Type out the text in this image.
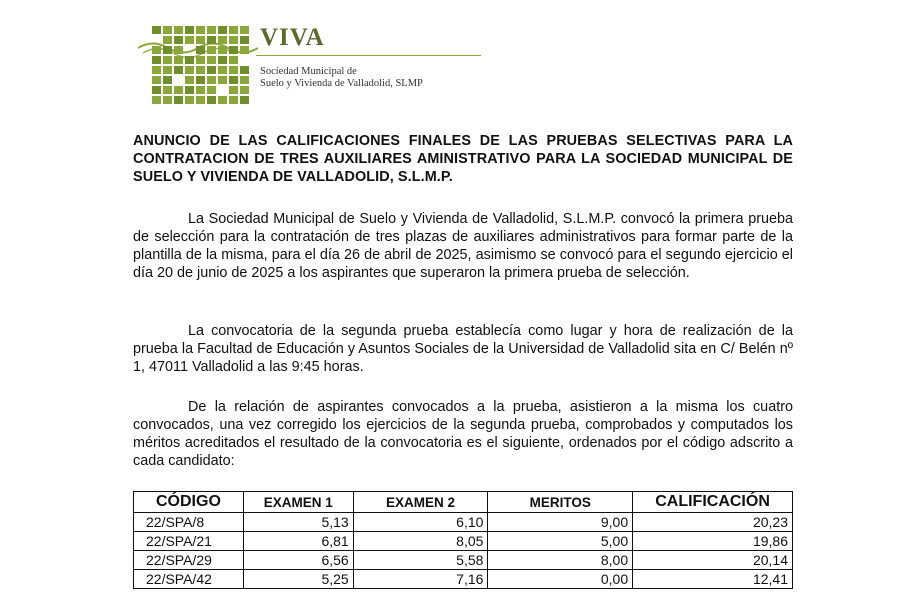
VIVA
Sociedad Municipal de
Suelo y Vivienda de Valladolid, SLMP
ANUNCIO DE LAS CALIFICACIONES FINALES DE LAS PRUEBAS SELECTIVAS PARA LA CONTRATACION DE TRES AUXILIARES AMINISTRATIVO PARA LA SOCIEDAD MUNICIPAL DE SUELO Y VIVIENDA DE VALLADOLID, S.L.M.P.

La Sociedad Municipal de Suelo y Vivienda de Valladolid, S.L.M.P. convocó la primera prueba de selección para la contratación de tres plazas de auxiliares administrativos para formar parte de la plantilla de la misma, para el día 26 de abril de 2025, asimismo se convocó para el segundo ejercicio el día 20 de junio de 2025 a los aspirantes que superaron la primera prueba de selección.

La convocatoria de la segunda prueba establecía como lugar y hora de realización de la prueba la Facultad de Educación y Asuntos Sociales de la Universidad de Valladolid sita en C/ Belén nº 1, 47011 Valladolid a las 9:45 horas.

De la relación de aspirantes convocados a la prueba, asistieron a la misma los cuatro convocados, una vez corregido los ejercicios de la segunda prueba, comprobados y computados los méritos acreditados el resultado de la convocatoria es el siguiente, ordenados por el código adscrito a cada candidato:

CÓDIGO	EXAMEN 1	EXAMEN 2	MERITOS	CALIFICACIÓN
22/SPA/8	5,13	6,10	9,00	20,23
22/SPA/21	6,81	8,05	5,00	19,86
22/SPA/29	6,56	5,58	8,00	20,14
22/SPA/42	5,25	7,16	0,00	12,41
